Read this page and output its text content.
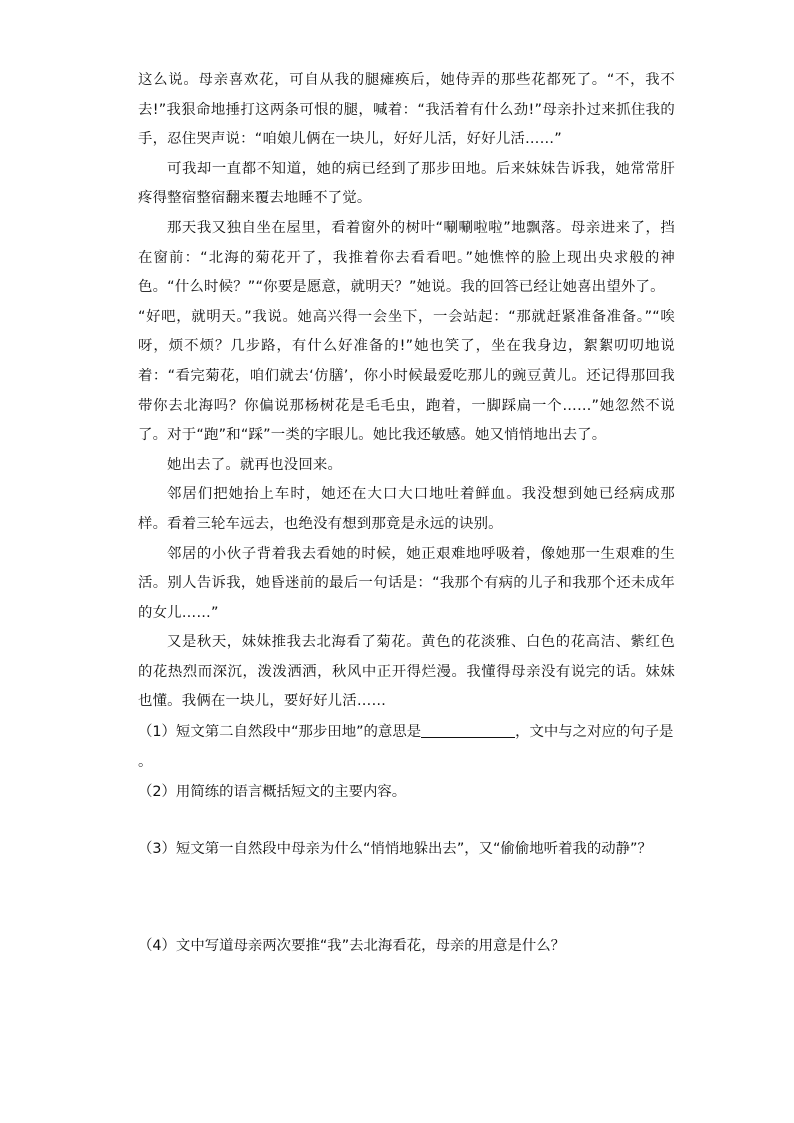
这么说。母亲喜欢花，可自从我的腿瘫痪后，她侍弄的那些花都死了。“不，我不去!”我狠命地捶打这两条可恨的腿，喊着：“我活着有什么劲!”母亲扑过来抓住我的手，忍住哭声说：“咱娘儿俩在一块儿，好好儿活，好好儿活……”

可我却一直都不知道，她的病已经到了那步田地。后来妹妹告诉我，她常常肝疼得整宿整宿翻来覆去地睡不了觉。

那天我又独自坐在屋里，看着窗外的树叶“唰唰啦啦”地飘落。母亲进来了，挡在窗前：“北海的菊花开了，我推着你去看看吧。”她憔悴的脸上现出央求般的神色。“什么时候？”“你要是愿意，就明天？”她说。我的回答已经让她喜出望外了。

“好吧，就明天。”我说。她高兴得一会坐下，一会站起：“那就赶紧准备准备。”“唉呀，烦不烦？几步路，有什么好准备的!”她也笑了，坐在我身边，絮絮叨叨地说着：“看完菊花，咱们就去‘仿膳’，你小时候最爱吃那儿的豌豆黄儿。还记得那回我带你去北海吗？你偏说那杨树花是毛毛虫，跑着，一脚踩扁一个……”她忽然不说了。对于“跑”和“踩”一类的字眼儿。她比我还敏感。她又悄悄地出去了。

她出去了。就再也没回来。

邻居们把她抬上车时，她还在大口大口地吐着鲜血。我没想到她已经病成那样。看着三轮车远去，也绝没有想到那竟是永远的诀别。

邻居的小伙子背着我去看她的时候，她正艰难地呼吸着，像她那一生艰难的生活。别人告诉我，她昏迷前的最后一句话是：“我那个有病的儿子和我那个还未成年的女儿……”

又是秋天，妹妹推我去北海看了菊花。黄色的花淡雅、白色的花高洁、紫红色的花热烈而深沉，泼泼洒洒，秋风中正开得烂漫。我懂得母亲没有说完的话。妹妹也懂。我俩在一块儿，要好好儿活……

（1）短文第二自然段中“那步田地”的意思是	，文中与之对应的句子是
。

（2）用简练的语言概括短文的主要内容。

（3）短文第一自然段中母亲为什么“悄悄地躲出去”，又“偷偷地听着我的动静”？

（4）文中写道母亲两次要推“我”去北海看花，母亲的用意是什么？
